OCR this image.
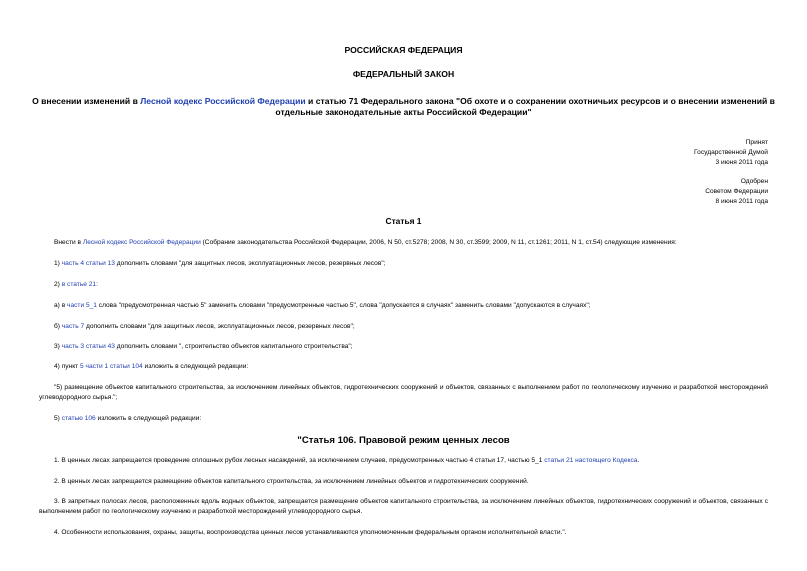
РОССИЙСКАЯ ФЕДЕРАЦИЯ
ФЕДЕРАЛЬНЫЙ ЗАКОН
О внесении изменений в Лесной кодекс Российской Федерации и статью 71 Федерального закона "Об охоте и о сохранении охотничьих ресурсов и о внесении изменений в отдельные законодательные акты Российской Федерации"
Принят
Государственной Думой
3 июня 2011 года
Одобрен
Советом Федерации
8 июня 2011 года
Статья 1
Внести в Лесной кодекс Российской Федерации (Собрание законодательства Российской Федерации, 2006, N 50, ст.5278; 2008, N 30, ст.3599; 2009, N 11, ст.1261; 2011, N 1, ст.54) следующие изменения:
1) часть 4 статьи 13 дополнить словами "для защитных лесов, эксплуатационных лесов, резервных лесов";
2) в статье 21:
а) в части 5_1 слова "предусмотренная частью 5" заменить словами "предусмотренные частью 5", слова "допускается в случаях" заменить словами "допускаются в случаях";
б) часть 7 дополнить словами "для защитных лесов, эксплуатационных лесов, резервных лесов";
3) часть 3 статьи 43 дополнить словами ", строительство объектов капитального строительства";
4) пункт 5 части 1 статьи 104 изложить в следующей редакции:
"5) размещение объектов капитального строительства, за исключением линейных объектов, гидротехнических сооружений и объектов, связанных с выполнением работ по геологическому изучению и разработкой месторождений углеводородного сырья.";
5) статью 106 изложить в следующей редакции:
"Статья 106. Правовой режим ценных лесов
1. В ценных лесах запрещается проведение сплошных рубок лесных насаждений, за исключением случаев, предусмотренных частью 4 статьи 17, частью 5_1 статьи 21 настоящего Кодекса.
2. В ценных лесах запрещается размещение объектов капитального строительства, за исключением линейных объектов и гидротехнических сооружений.
3. В запретных полосах лесов, расположенных вдоль водных объектов, запрещается размещение объектов капитального строительства, за исключением линейных объектов, гидротехнических сооружений и объектов, связанных с выполнением работ по геологическому изучению и разработкой месторождений углеводородного сырья.
4. Особенности использования, охраны, защиты, воспроизводства ценных лесов устанавливаются уполномоченным федеральным органом исполнительной власти.".
